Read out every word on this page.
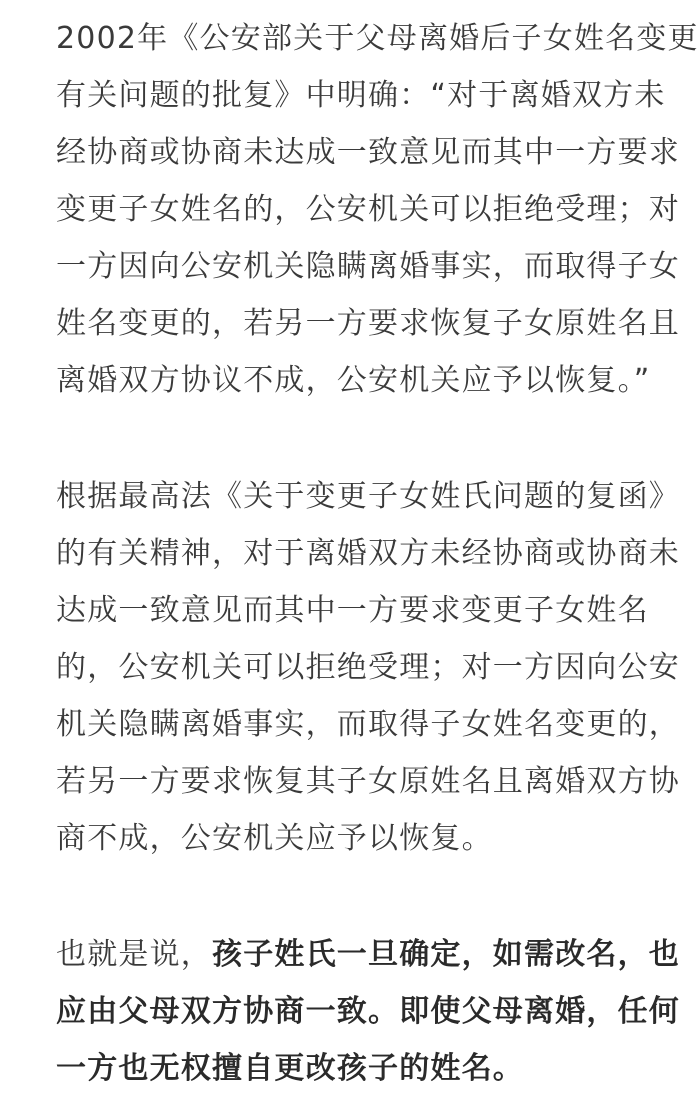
2002年《公安部关于父母离婚后子女姓名变更
有关问题的批复》中明确：“对于离婚双方未
经协商或协商未达成一致意见而其中一方要求
变更子女姓名的，公安机关可以拒绝受理；对
一方因向公安机关隐瞒离婚事实，而取得子女
姓名变更的，若另一方要求恢复子女原姓名且
离婚双方协议不成，公安机关应予以恢复。”

根据最高法《关于变更子女姓氏问题的复函》
的有关精神，对于离婚双方未经协商或协商未
达成一致意见而其中一方要求变更子女姓名
的，公安机关可以拒绝受理；对一方因向公安
机关隐瞒离婚事实，而取得子女姓名变更的，
若另一方要求恢复其子女原姓名且离婚双方协
商不成，公安机关应予以恢复。

也就是说，孩子姓氏一旦确定，如需改名，也
应由父母双方协商一致。即使父母离婚，任何
一方也无权擅自更改孩子的姓名。
